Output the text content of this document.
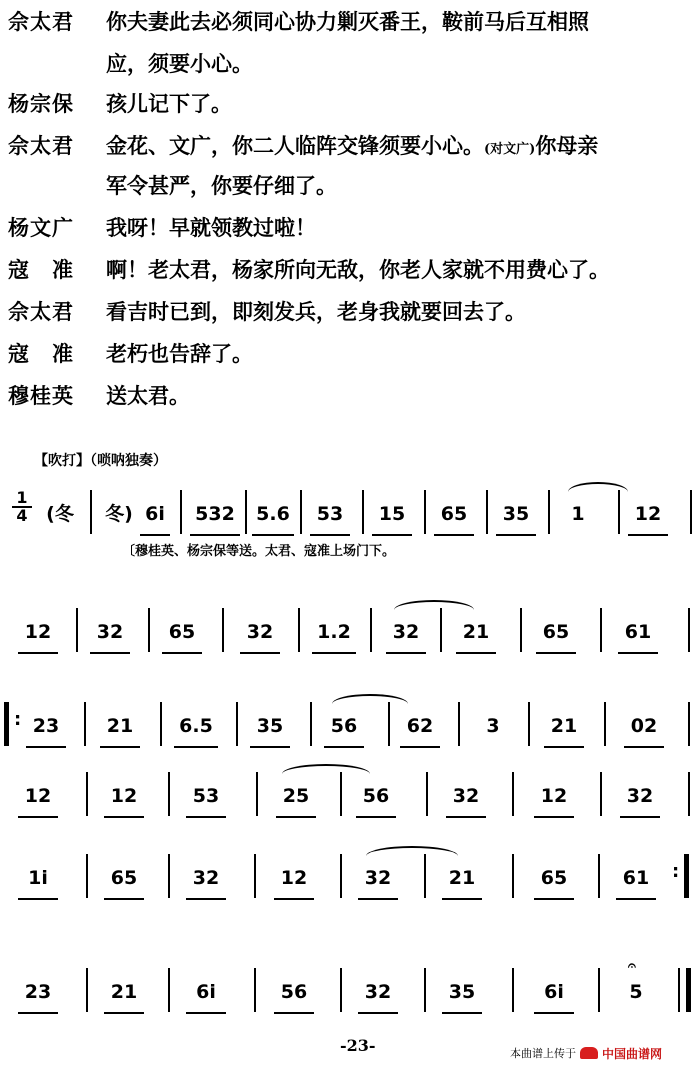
佘太君 你夫妻此去必须同心协力剿灭番王，鞍前马后互相照
应，须要小心。
杨宗保 孩儿记下了。
佘太君 金花、文广，你二人临阵交锋须要小心。(对文广)你母亲
军令甚严，你要仔细了。
杨文广 我呀！早就领教过啦！
寇　准 啊！老太君，杨家所向无敌，你老人家就不用费心了。
佘太君 看吉时已到，即刻发兵，老身我就要回去了。
寇　准 老朽也告辞了。
穆桂英 送太君。
【吹打】（唢呐独奏）
1
4 (冬 冬) 6i 532 5.6	53	15	65	35	1	12
〔穆桂英、杨宗保等送。太君、寇准上场门下。
12	32	65	32	1.2	32	21	65	61
: 23	21	6.5	35	56	62	3	21	02
12	12	53	25	56	32	12	32
1i	65	32	12	32	21	65	61	:
23	21	6i	56	32	35	6i	5
𝄐
-23-	本曲谱上传于 中国曲谱网
